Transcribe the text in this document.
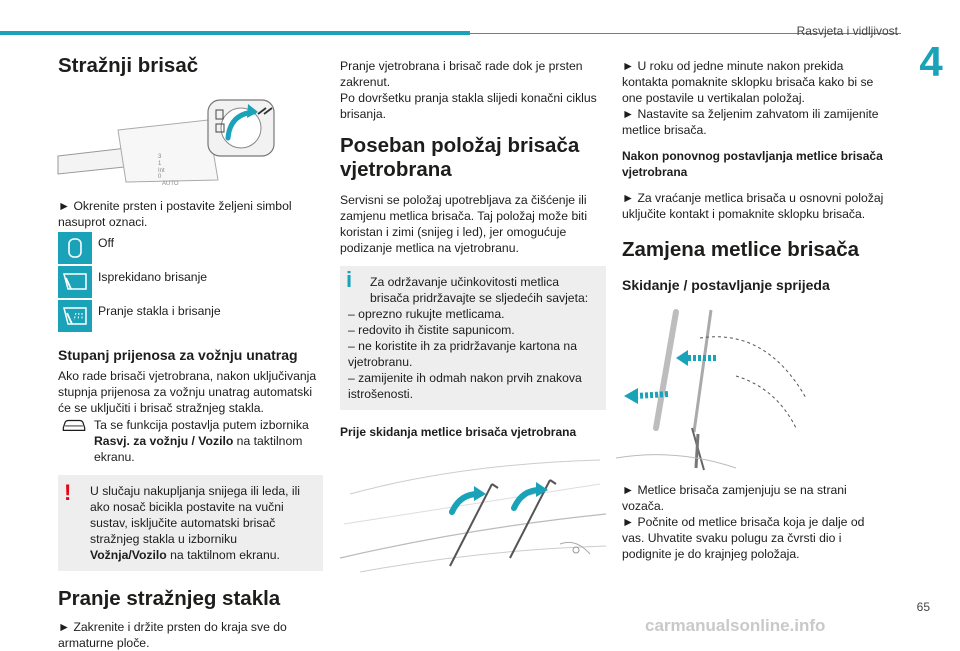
Rasvjeta i vidljivost
4
Stražnji brisač
3
1
Int
0
AUTO

► Okrenite prsten i postavite željeni simbol nasuprot oznaci.

Off
Isprekidano brisanje
Pranje stakla i brisanje
Stupanj prijenosa za vožnju unatrag

Ako rade brisači vjetrobrana, nakon uključivanja stupnja prijenosa za vožnju unatrag automatski će se uključiti i brisač stražnjeg stakla.

Ta se funkcija postavlja putem izbornika Rasvj. za vožnju / Vozilo na taktilnom ekranu.

! U slučaju nakupljanja snijega ili leda, ili ako nosač bicikla postavite na vučni sustav, isključite automatski brisač stražnjeg stakla u izborniku Vožnja/Vozilo na taktilnom ekranu.

Pranje stražnjeg stakla

► Zakrenite i držite prsten do kraja sve do armaturne ploče.

Pranje vjetrobrana i brisač rade dok je prsten zakrenut.

Po dovršetku pranja stakla slijedi konačni ciklus brisanja.

Poseban položaj brisača vjetrobrana

Servisni se položaj upotrebljava za čišćenje ili zamjenu metlica brisača. Taj položaj može biti koristan i zimi (snijeg i led), jer omogućuje podizanje metlica na vjetrobranu.

i	Za održavanje učinkovitosti metlica brisača pridržavajte se sljedećih savjeta:

– oprezno rukujte metlicama.

– redovito ih čistite sapunicom.

– ne koristite ih za pridržavanje kartona na vjetrobranu.

– zamijenite ih odmah nakon prvih znakova istrošenosti.

Prije skidanja metlice brisača vjetrobrana

► U roku od jedne minute nakon prekida kontakta pomaknite sklopku brisača kako bi se one postavile u vertikalan položaj.

► Nastavite sa željenim zahvatom ili zamijenite metlice brisača.

Nakon ponovnog postavljanja metlice brisača vjetrobrana

► Za vraćanje metlica brisača u osnovni položaj uključite kontakt i pomaknite sklopku brisača.

Zamjena metlice brisača
Skidanje / postavljanje sprijeda

► Metlice brisača zamjenjuju se na strani vozača.

► Počnite od metlice brisača koja je dalje od vas. Uhvatite svaku polugu za čvrsti dio i podignite je do krajnjeg položaja.

65
carmanualsonline.info
